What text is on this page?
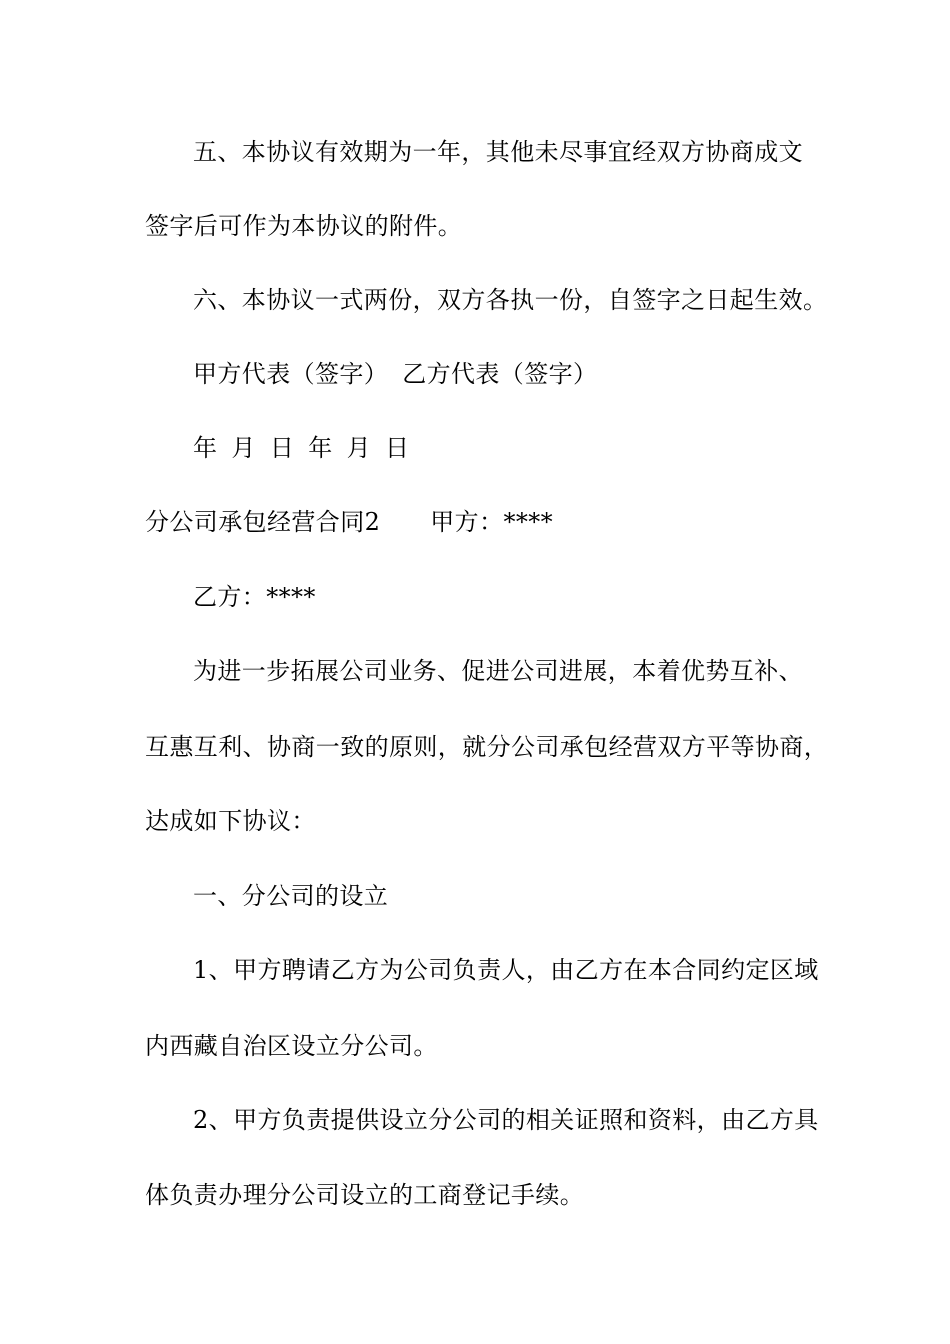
五、本协议有效期为一年，其他未尽事宜经双方协商成文
签字后可作为本协议的附件。
六、本协议一式两份，双方各执一份，自签字之日起生效。
甲方代表（签字） 乙方代表（签字）
年 月 日 年 月 日
分公司承包经营合同2 甲方：****
乙方：****
为进一步拓展公司业务、促进公司进展，本着优势互补、
互惠互利、协商一致的原则，就分公司承包经营双方平等协商，
达成如下协议：
一、分公司的设立
1、甲方聘请乙方为公司负责人，由乙方在本合同约定区域
内西藏自治区设立分公司。
2、甲方负责提供设立分公司的相关证照和资料，由乙方具
体负责办理分公司设立的工商登记手续。
